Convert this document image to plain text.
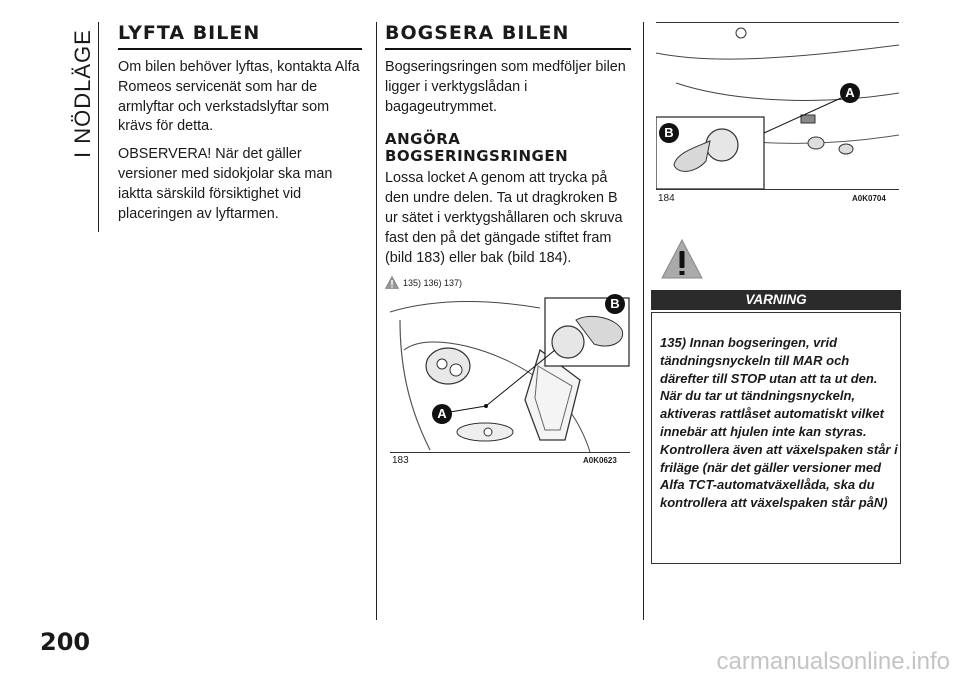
I NÖDLÄGE
200
LYFTA BILEN

Om bilen behöver lyftas, kontakta Alfa Romeos servicenät som har de armlyftar och verkstadslyftar som krävs för detta.

OBSERVERA! När det gäller versioner med sidokjolar ska man iaktta särskild försiktighet vid placeringen av lyftarmen.

BOGSERA BILEN

Bogseringsringen som medföljer bilen ligger i verktygslådan i bagageutrymmet.

ANGÖRA
BOGSERINGSRINGEN

Lossa locket A genom att trycka på den undre delen. Ta ut dragkroken B ur sätet i verktygshållaren och skruva fast den på det gängade stiftet fram (bild 183) eller bak (bild 184).

135) 136) 137)
A
B
183	A0K0623
A
B
184	A0K0704
VARNING
135) Innan bogseringen, vrid tändningsnyckeln till MAR och därefter till STOP utan att ta ut den. När du tar ut tändningsnyckeln, aktiveras rattlåset automatiskt vilket innebär att hjulen inte kan styras. Kontrollera även att växelspaken står i friläge (när det gäller versioner med Alfa TCT-automatväxellåda, ska du kontrollera att växelspaken står påN)
carmanualsonline.info
